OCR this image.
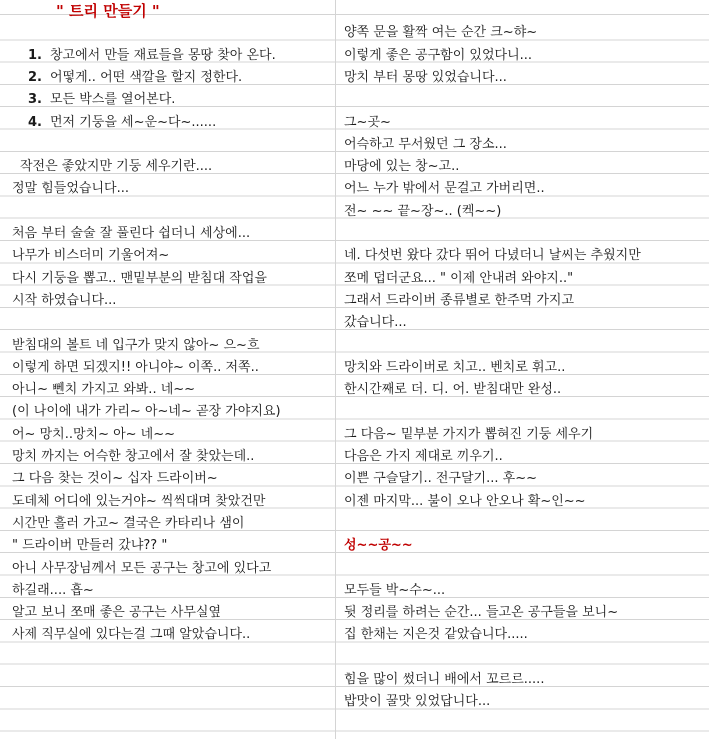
" 트리 만들기 "
1. 창고에서 만들 재료들을 몽땅 찾아 온다.
2. 어떻게.. 어떤 색깔을 할지 정한다.
3. 모든 박스를 열어본다.
4. 먼저 기둥을 세~운~다~......
작전은 좋았지만 기둥 세우기란....
정말 힘들었습니다...
처음 부터 술술 잘 풀린다 쉽더니 세상에...
나무가 비스더미 기울어져~
다시 기둥을 뽑고.. 맨밑부분의 받침대 작업을
시작 하였습니다...
받침대의 볼트 네 입구가 맞지 않아~ 으~흐
이렇게 하면 되겠지!! 아니야~ 이쪽.. 저쪽..
아니~ 뻰치 가지고 와봐.. 네~~
(이 나이에 내가 가리~ 아~네~ 곧장 가야지요)
어~ 망치..망치~ 아~ 네~~
망치 까지는 어슥한 창고에서 잘 찾았는데..
그 다음 찾는 것이~ 십자 드라이버~
도데체 어디에 있는거야~ 씩씩대며 찾았건만
시간만 흘러 가고~ 결국은 카타리나 샘이
" 드라이버 만들러 갔냐?? "
아니 사무장님께서 모든 공구는 창고에 있다고
하길래.... 흡~
알고 보니 쪼매 좋은 공구는 사무실옆
사제 직무실에 있다는걸 그때 알았습니다..
양쪽 문을 활짝 여는 순간 크~햐~
이렇게 좋은 공구함이 있었다니...
망치 부터 몽땅 있었습니다...
그~곳~
어슥하고 무서웠던 그 장소...
마당에 있는 창~고..
어느 누가 밖에서 문걸고 가버리면..
전~ ~~ 끝~장~.. (켁~~)
네. 다섯번 왔다 갔다 뛰어 다녔더니 날씨는 추웠지만
쪼메 덥더군요... " 이제 안내려 와야지.."
그래서 드라이버 종류별로 한주먹 가지고
갔습니다...
망치와 드라이버로 치고.. 벤치로 휘고..
한시간째로 더. 디. 어. 받침대만 완성..
그 다음~ 밑부분 가지가 뽑혀진 기둥 세우기
다음은 가지 제대로 끼우기..
이쁜 구슬달기.. 전구달기... 후~~
이젠 마지막... 불이 오나 안오나 확~인~~
성~~공~~
모두들 박~수~...
뒷 정리를 하려는 순간... 들고온 공구들을 보니~
집 한채는 지은것 같았습니다.....
힘을 많이 썼더니 배에서 꼬르르.....
밥맛이 꿀맛 있었답니다...
